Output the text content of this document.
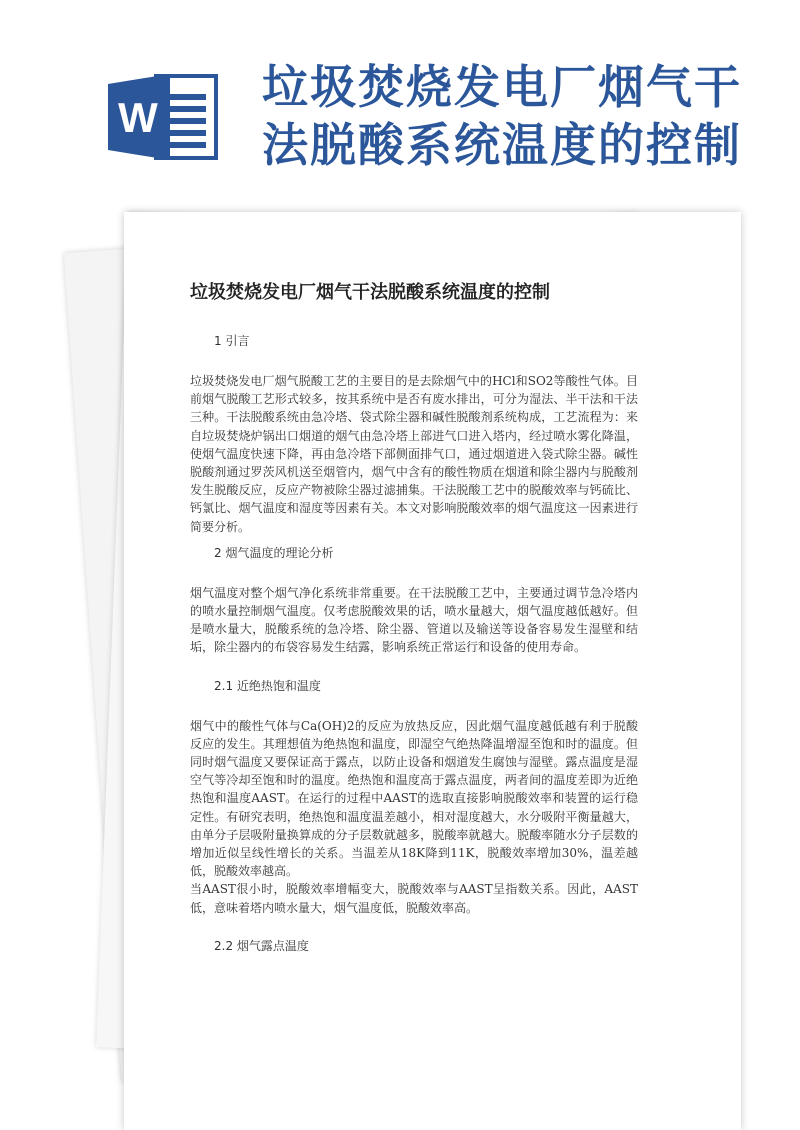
垃圾焚烧发电厂烟气干法脱酸系统温度的控制
W
垃圾焚烧发电厂烟气干法脱酸系统温度的控制

1 引言

垃圾焚烧发电厂烟气脱酸工艺的主要目的是去除烟气中的HCl和SO2等酸性气体。目前烟气脱酸工艺形式较多，按其系统中是否有废水排出，可分为湿法、半干法和干法三种。干法脱酸系统由急冷塔、袋式除尘器和碱性脱酸剂系统构成，工艺流程为：来自垃圾焚烧炉锅出口烟道的烟气由急冷塔上部进气口进入塔内，经过喷水雾化降温，使烟气温度快速下降，再由急冷塔下部侧面排气口，通过烟道进入袋式除尘器。碱性脱酸剂通过罗茨风机送至烟管内，烟气中含有的酸性物质在烟道和除尘器内与脱酸剂发生脱酸反应，反应产物被除尘器过滤捕集。干法脱酸工艺中的脱酸效率与钙硫比、钙氯比、烟气温度和湿度等因素有关。本文对影响脱酸效率的烟气温度这一因素进行简要分析。

2 烟气温度的理论分析

烟气温度对整个烟气净化系统非常重要。在干法脱酸工艺中，主要通过调节急冷塔内的喷水量控制烟气温度。仅考虑脱酸效果的话，喷水量越大，烟气温度越低越好。但是喷水量大，脱酸系统的急冷塔、除尘器、管道以及输送等设备容易发生湿壁和结垢，除尘器内的布袋容易发生结露，影响系统正常运行和设备的使用寿命。

2.1 近绝热饱和温度

烟气中的酸性气体与Ca(OH)2的反应为放热反应，因此烟气温度越低越有利于脱酸反应的发生。其理想值为绝热饱和温度，即湿空气绝热降温增湿至饱和时的温度。但同时烟气温度又要保证高于露点，以防止设备和烟道发生腐蚀与湿壁。露点温度是湿空气等冷却至饱和时的温度。绝热饱和温度高于露点温度，两者间的温度差即为近绝热饱和温度AAST。在运行的过程中AAST的选取直接影响脱酸效率和装置的运行稳定性。有研究表明，绝热饱和温度温差越小，相对湿度越大，水分吸附平衡量越大，由单分子层吸附量换算成的分子层数就越多，脱酸率就越大。脱酸率随水分子层数的增加近似呈线性增长的关系。当温差从18K降到11K，脱酸效率增加30%，温差越低，脱酸效率越高。

当AAST很小时，脱酸效率增幅变大，脱酸效率与AAST呈指数关系。因此，AAST低，意味着塔内喷水量大，烟气温度低，脱酸效率高。

2.2 烟气露点温度
